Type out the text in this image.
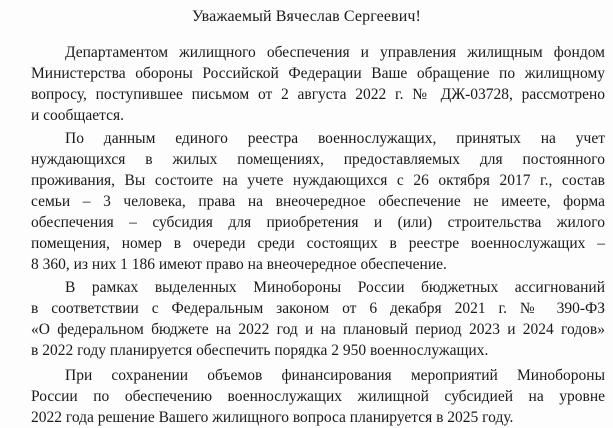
Уважаемый Вячеслав Сергеевич!
Департаментом жилищного обеспечения и управления жилищным фондом
Министерства обороны Российской Федерации Ваше обращение по жилищному
вопросу, поступившее письмом от 2 августа 2022 г. № ДЖ-03728, рассмотрено
и сообщается.
По данным единого реестра военнослужащих, принятых на учет
нуждающихся в жилых помещениях, предоставляемых для постоянного
проживания, Вы состоите на учете нуждающихся с 26 октября 2017 г., состав
семьи – 3 человека, права на внеочередное обеспечение не имеете, форма
обеспечения – субсидия для приобретения и (или) строительства жилого
помещения, номер в очереди среди состоящих в реестре военнослужащих –
8 360, из них 1 186 имеют право на внеочередное обеспечение.
В рамках выделенных Минобороны России бюджетных ассигнований
в соответствии с Федеральным законом от 6 декабря 2021 г. № 390-ФЗ
«О федеральном бюджете на 2022 год и на плановый период 2023 и 2024 годов»
в 2022 году планируется обеспечить порядка 2 950 военнослужащих.
При сохранении объемов финансирования мероприятий Минобороны
России по обеспечению военнослужащих жилищной субсидией на уровне
2022 года решение Вашего жилищного вопроса планируется в 2025 году.
